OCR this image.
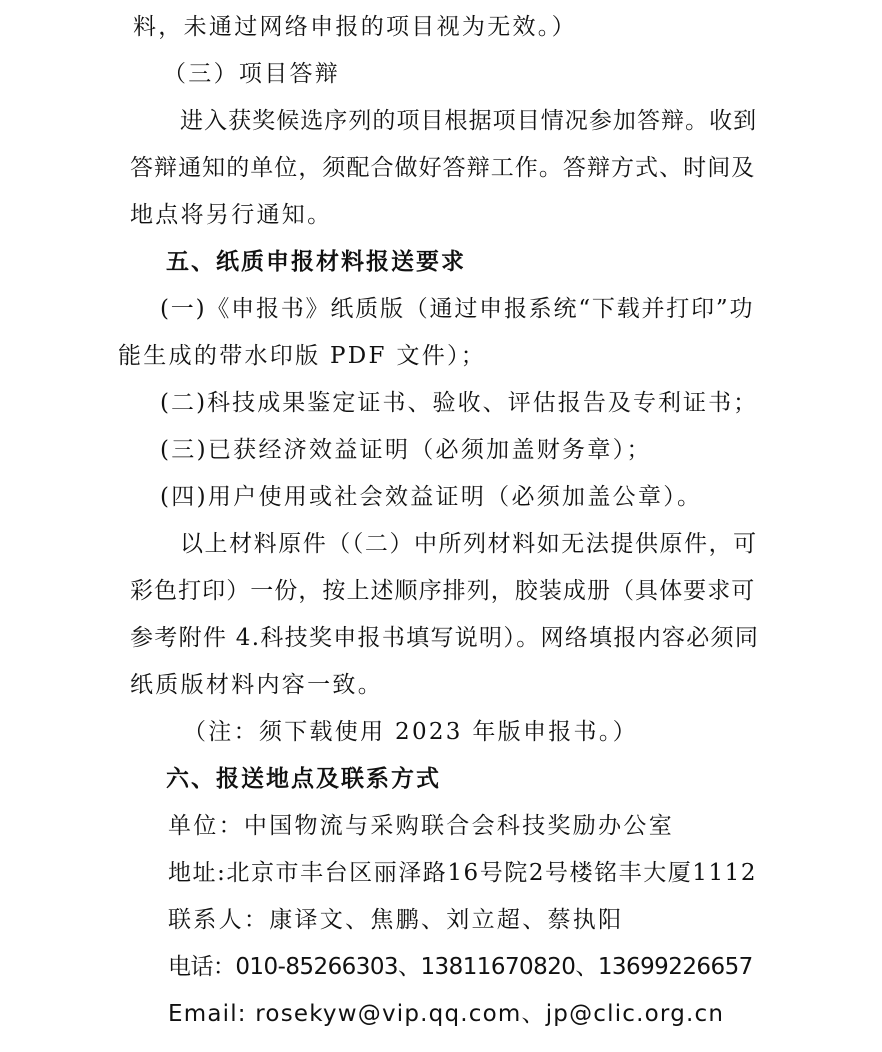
料，未通过网络申报的项目视为无效。）
（三）项目答辩
进入获奖候选序列的项目根据项目情况参加答辩。收到
答辩通知的单位，须配合做好答辩工作。答辩方式、时间及
地点将另行通知。
五、纸质申报材料报送要求
(一)《申报书》纸质版（通过申报系统“下载并打印”功
能生成的带水印版 PDF 文件）；
(二)科技成果鉴定证书、验收、评估报告及专利证书；
(三)已获经济效益证明（必须加盖财务章）；
(四)用户使用或社会效益证明（必须加盖公章）。
以上材料原件（（二）中所列材料如无法提供原件，可
彩色打印）一份，按上述顺序排列，胶装成册（具体要求可
参考附件 4.科技奖申报书填写说明）。网络填报内容必须同
纸质版材料内容一致。
（注：须下载使用 2023 年版申报书。）
六、报送地点及联系方式
单位：中国物流与采购联合会科技奖励办公室
地址:北京市丰台区丽泽路16号院2号楼铭丰大厦1112
联系人：康译文、焦鹏、刘立超、蔡执阳
电话：010-85266303、13811670820、13699226657
Email: rosekyw@vip.qq.com、jp@clic.org.cn
